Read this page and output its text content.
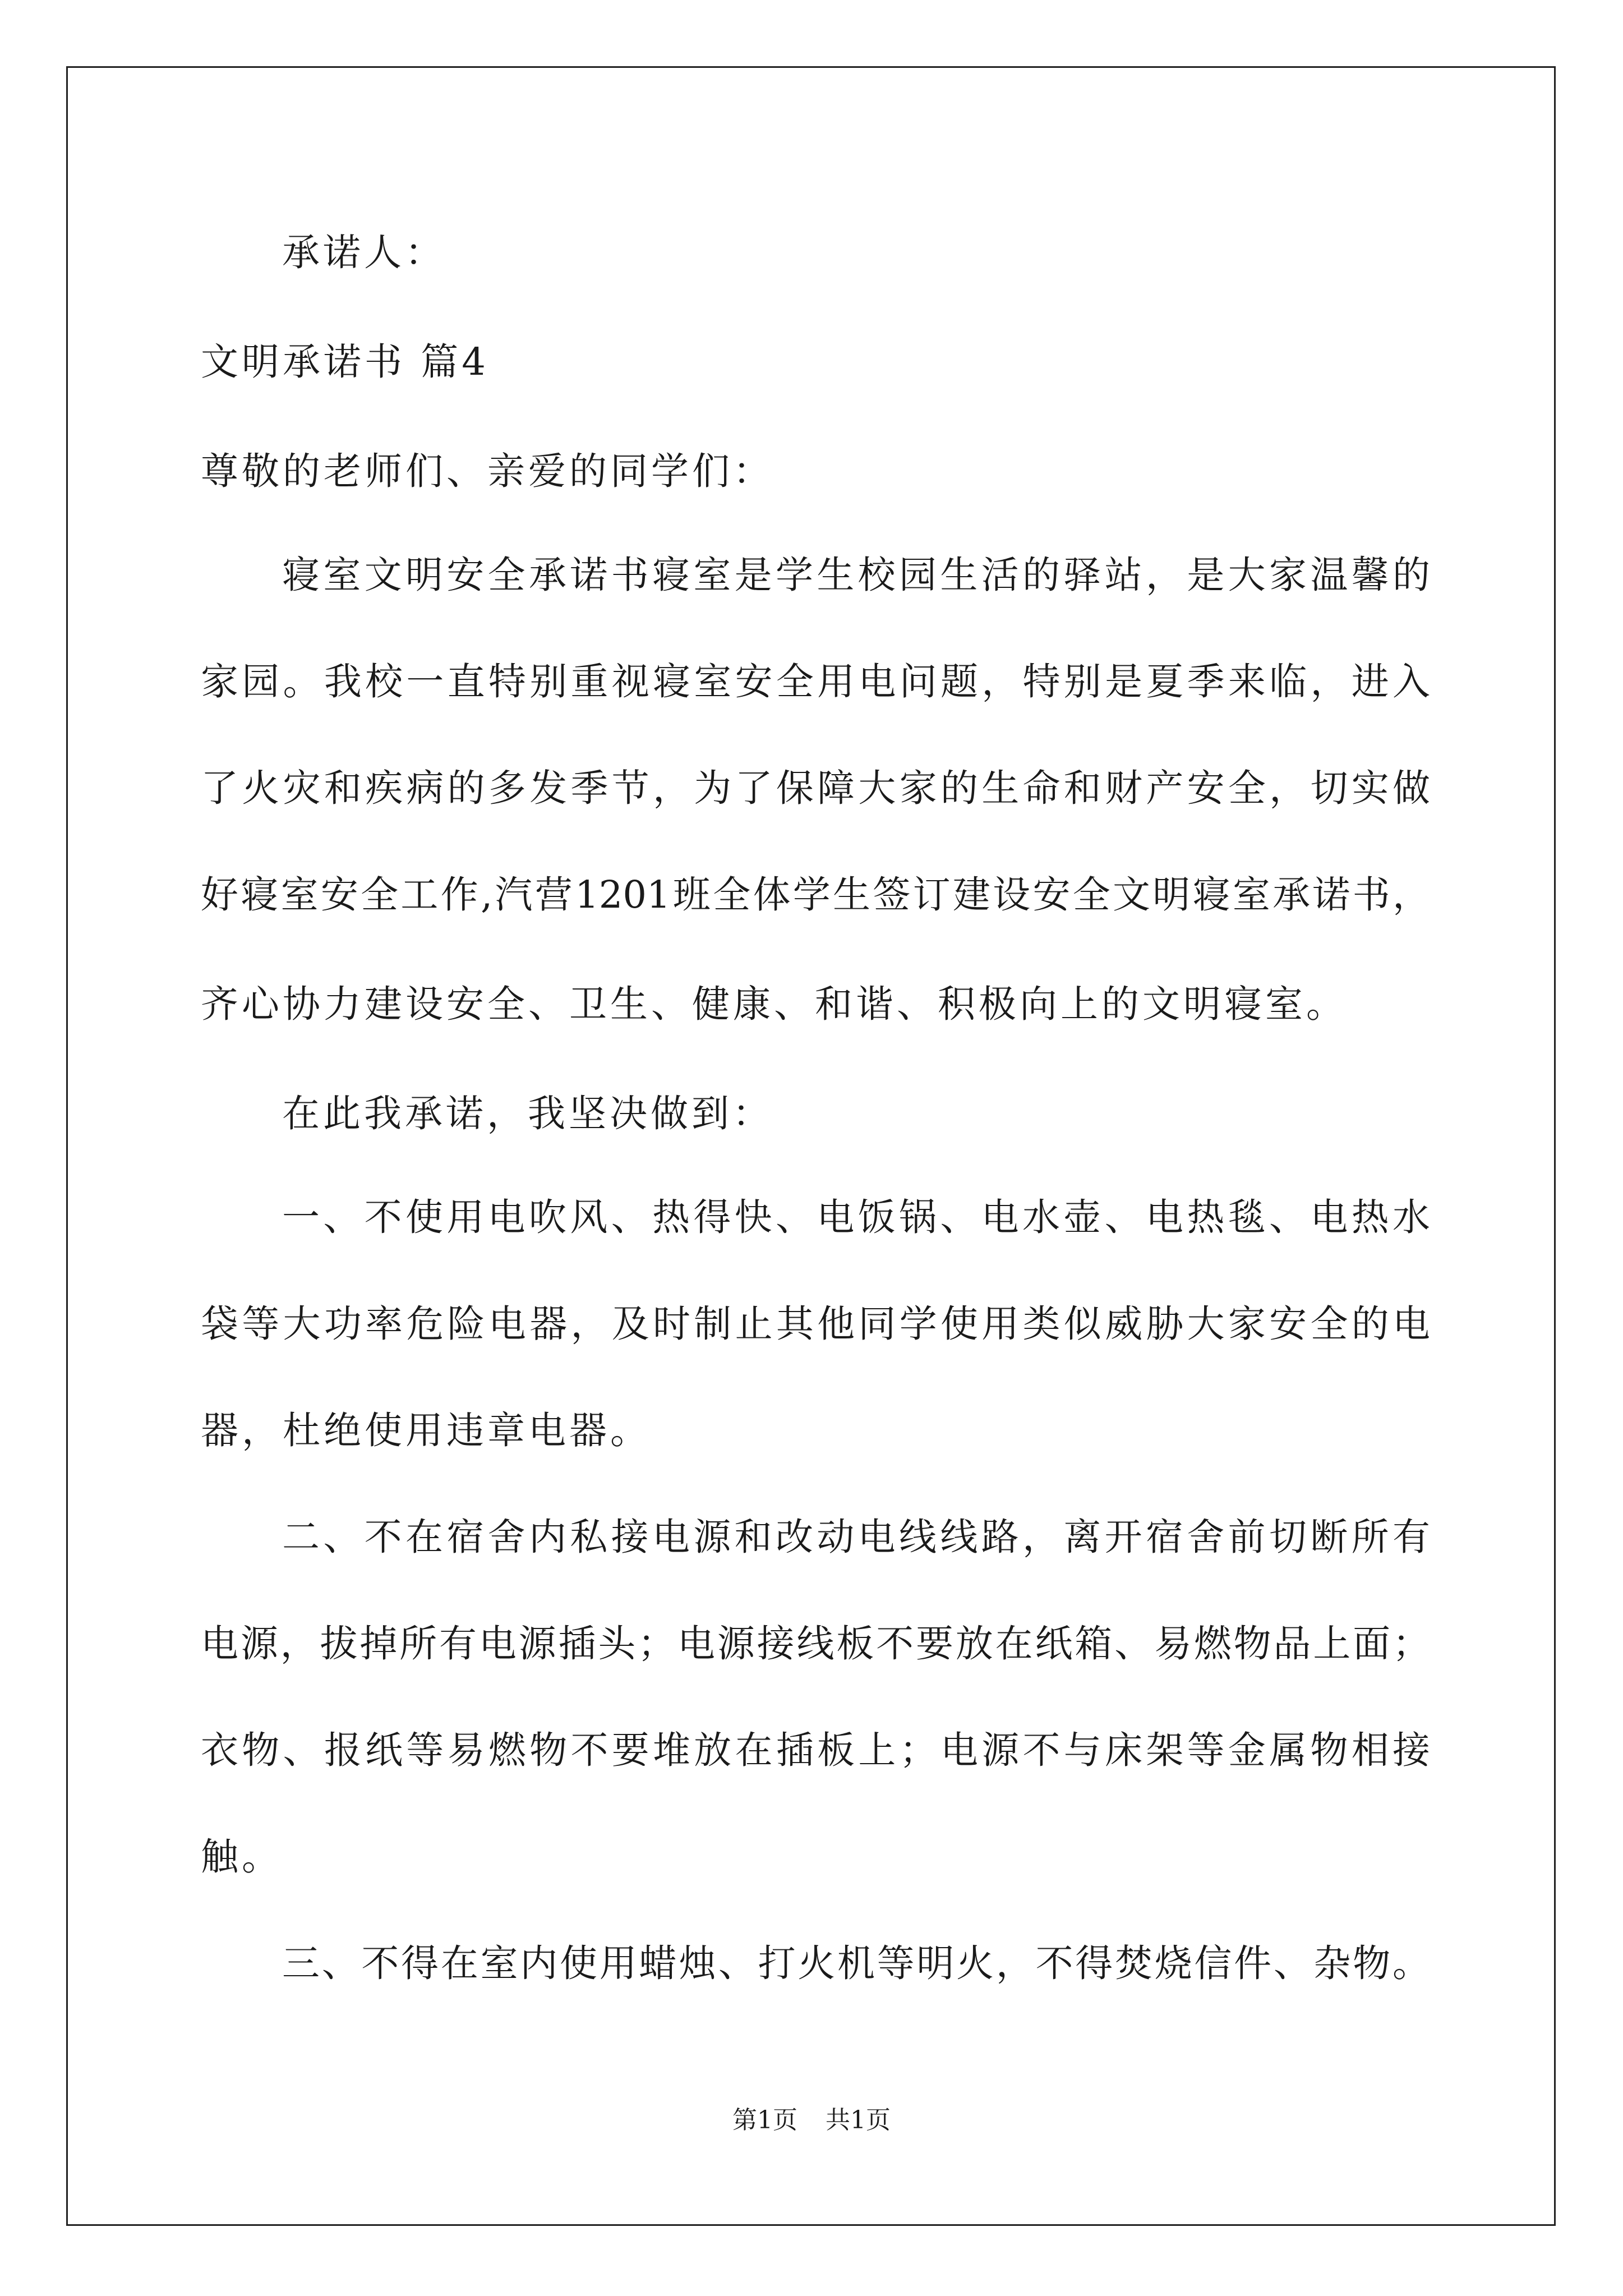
承诺人：
文明承诺书 篇4
尊敬的老师们、亲爱的同学们：
寝室文明安全承诺书寝室是学生校园生活的驿站，是大家温馨的
家园。我校一直特别重视寝室安全用电问题，特别是夏季来临，进入
了火灾和疾病的多发季节，为了保障大家的生命和财产安全，切实做
好寝室安全工作,汽营1201班全体学生签订建设安全文明寝室承诺书，
齐心协力建设安全、卫生、健康、和谐、积极向上的文明寝室。
在此我承诺，我坚决做到：
一、不使用电吹风、热得快、电饭锅、电水壶、电热毯、电热水
袋等大功率危险电器，及时制止其他同学使用类似威胁大家安全的电
器，杜绝使用违章电器。
二、不在宿舍内私接电源和改动电线线路，离开宿舍前切断所有
电源，拔掉所有电源插头；电源接线板不要放在纸箱、易燃物品上面；
衣物、报纸等易燃物不要堆放在插板上；电源不与床架等金属物相接
触。
三、不得在室内使用蜡烛、打火机等明火，不得焚烧信件、杂物。
第1页 共1页
